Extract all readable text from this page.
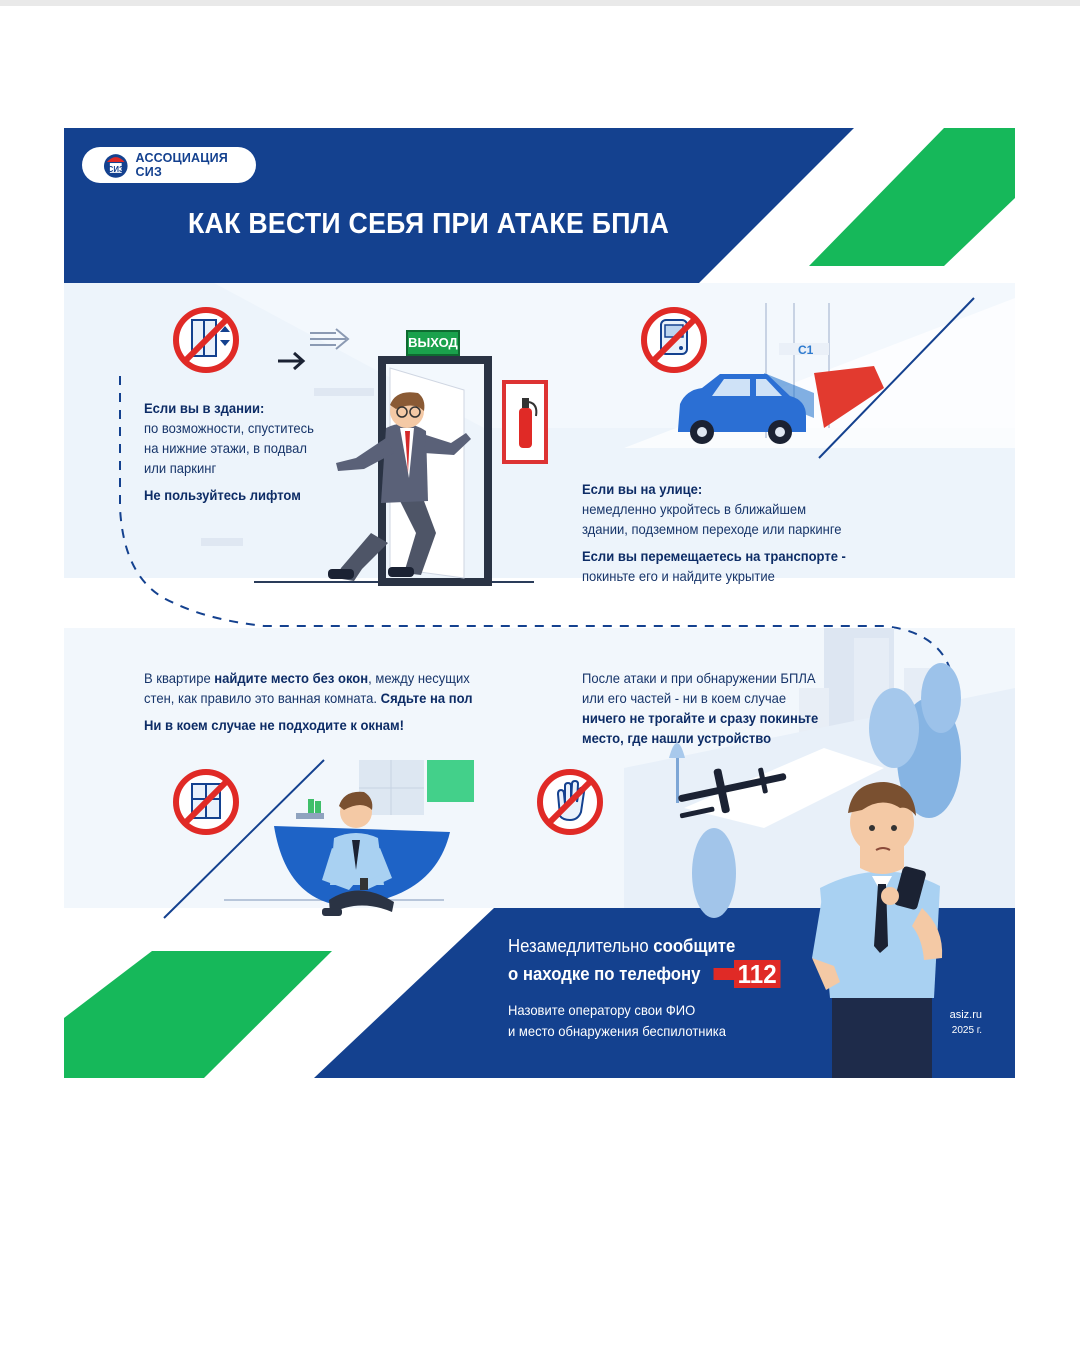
СИЗ
АССОЦИАЦИЯ СИЗ
КАК ВЕСТИ СЕБЯ ПРИ АТАКЕ БПЛА
ВЫХОД

Если вы в здании:

по возможности, спуститесь

на нижние этажи, в подвал

или паркинг

Не пользуйтесь лифтом

C1

Если вы на улице:

немедленно укройтесь в ближайшем

здании, подземном переходе или паркинге

Если вы перемещаетесь на транспорте -

покиньте его и найдите укрытие

В квартире найдите место без окон, между несущих

стен, как правило это ванная комната. Сядьте на пол

Ни в коем случае не подходите к окнам!

После атаки и при обнаружении БПЛА

или его частей - ни в коем случае

ничего не трогайте и сразу покиньте

место, где нашли устройство

Незамедлительно сообщите
о находке по телефону 112
Назовите оператору свои ФИО
и место обнаружения беспилотника
asiz.ru
2025 г.
